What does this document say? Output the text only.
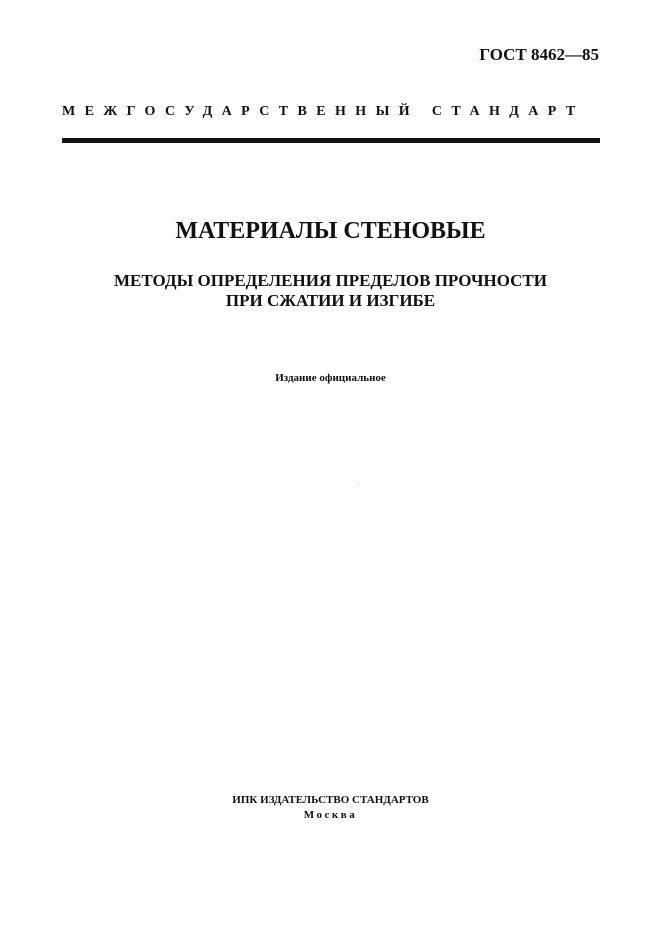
ГОСТ 8462—85
МЕЖГОСУДАРСТВЕННЫЙ СТАНДАРТ
МАТЕРИАЛЫ СТЕНОВЫЕ
МЕТОДЫ ОПРЕДЕЛЕНИЯ ПРЕДЕЛОВ ПРОЧНОСТИ
ПРИ СЖАТИИ И ИЗГИБЕ
Издание официальное
ИПК ИЗДАТЕЛЬСТВО СТАНДАРТОВ
Москва
